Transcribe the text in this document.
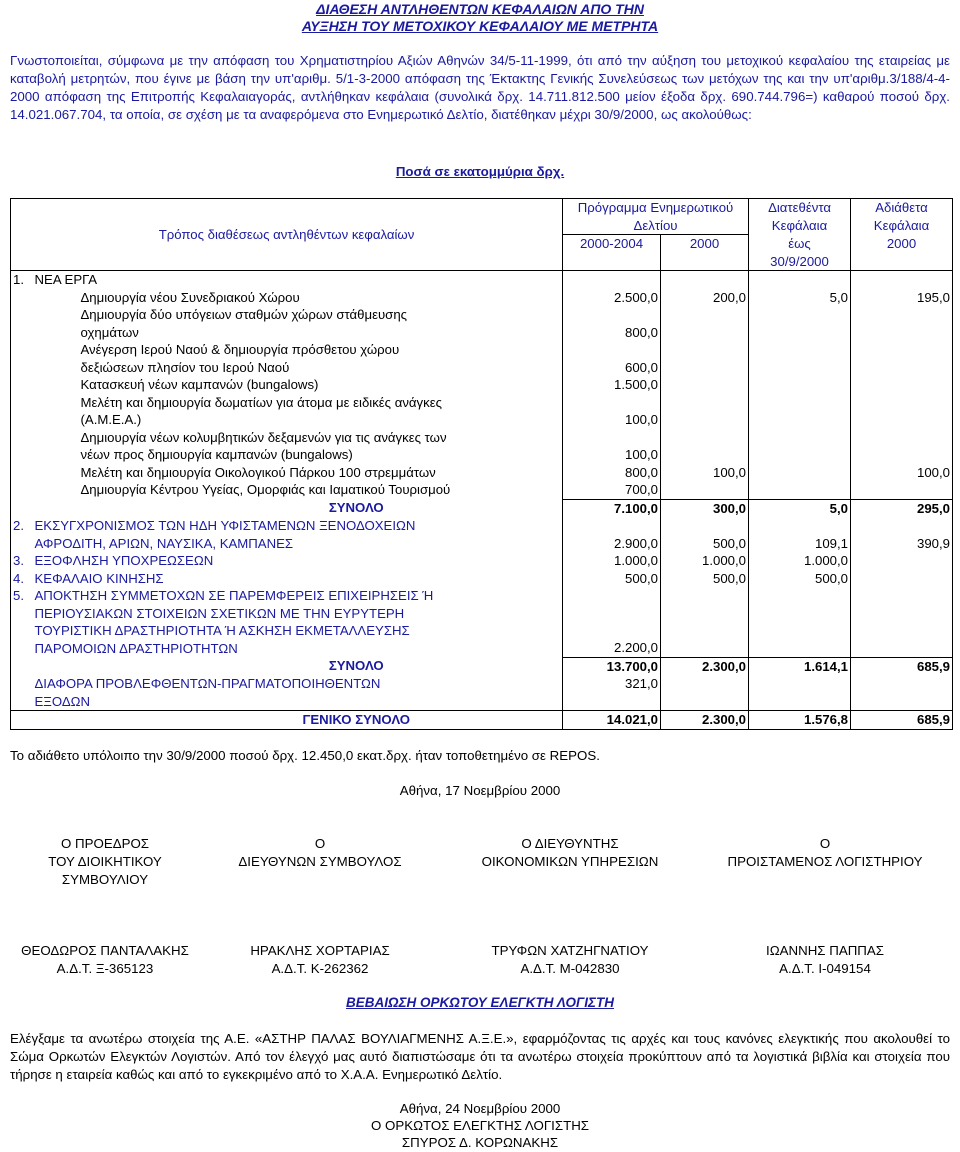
ΔΙΑΘΕΣΗ ΑΝΤΛΗΘΕΝΤΩΝ ΚΕΦΑΛΑΙΩΝ ΑΠΟ ΤΗΝ
ΑΥΞΗΣΗ ΤΟΥ ΜΕΤΟΧΙΚΟΥ ΚΕΦΑΛΑΙΟΥ ΜΕ ΜΕΤΡΗΤΑ
Γνωστοποιείται, σύμφωνα με την απόφαση του Χρηματιστηρίου Αξιών Αθηνών 34/5-11-1999, ότι από την αύξηση του μετοχικού κεφαλαίου της εταιρείας με καταβολή μετρητών, που έγινε με βάση την υπ'αριθμ. 5/1-3-2000 απόφαση της Έκτακτης Γενικής Συνελεύσεως των μετόχων της και την υπ'αριθμ.3/188/4-4-2000 απόφαση της Επιτροπής Κεφαλαιαγοράς, αντλήθηκαν κεφάλαια (συνολικά δρχ. 14.711.812.500 μείον έξοδα δρχ. 690.744.796=) καθαρού ποσού δρχ. 14.021.067.704, τα οποία, σε σχέση με τα αναφερόμενα στο Ενημερωτικό Δελτίο, διατέθηκαν μέχρι 30/9/2000, ως ακολούθως:
Ποσά σε εκατομμύρια δρχ.
Τρόπος διαθέσεως αντληθέντων κεφαλαίων		Πρόγραμμα Ενημερωτικού		Διατεθέντα	Αδιάθετα
		Δελτίου		Κεφάλαια	Κεφάλαια
		2000-2004	2000	έως	2000
				30/9/2000	
1.	ΝΕΑ ΕΡΓΑ				

	Δημιουργία νέου Συνεδριακού Χώρου	2.500,0	200,0	5,0	195,0

	Δημιουργία δύο υπόγειων σταθμών χώρων στάθμευσης
οχημάτων	800,0			

	Ανέγερση Ιερού Ναού & δημιουργία πρόσθετου χώρου
δεξιώσεων πλησίον του Ιερού Ναού	600,0			

	Κατασκευή νέων καμπανών (bungalows)	1.500,0			

	Μελέτη και δημιουργία δωματίων για άτομα με ειδικές ανάγκες
(Α.Μ.Ε.Α.)	100,0			

	Δημιουργία νέων κολυμβητικών δεξαμενών για τις ανάγκες των
νέων προς δημιουργία καμπανών (bungalows)	100,0			

	Μελέτη και δημιουργία Οικολογικού Πάρκου 100 στρεμμάτων	800,0	100,0		100,0

	Δημιουργία Κέντρου Υγείας, Ομορφιάς και Ιαματικού Τουρισμού	700,0			
	ΣΥΝΟΛΟ	7.100,0	300,0	5,0	295,0
2.	ΕΚΣΥΓΧΡΟΝΙΣΜΟΣ ΤΩΝ ΗΔΗ ΥΦΙΣΤΑΜΕΝΩΝ ΞΕΝΟΔΟΧΕΙΩΝ
ΑΦΡΟΔΙΤΗ, ΑΡΙΩΝ, ΝΑΥΣΙΚΑ, ΚΑΜΠΑΝΕΣ	2.900,0	500,0	109,1	390,9
3.	ΕΞΟΦΛΗΣΗ ΥΠΟΧΡΕΩΣΕΩΝ	1.000,0	1.000,0	1.000,0	
4.	ΚΕΦΑΛΑΙΟ ΚΙΝΗΣΗΣ	500,0	500,0	500,0	
5.	ΑΠΟΚΤΗΣΗ ΣΥΜΜΕΤΟΧΩΝ ΣΕ ΠΑΡΕΜΦΕΡΕΙΣ ΕΠΙΧΕΙΡΗΣΕΙΣ Ή
ΠΕΡΙΟΥΣΙΑΚΩΝ ΣΤΟΙΧΕΙΩΝ ΣΧΕΤΙΚΩΝ ΜΕ ΤΗΝ ΕΥΡΥΤΕΡΗ
ΤΟΥΡΙΣΤΙΚΗ ΔΡΑΣΤΗΡΙΟΤΗΤΑ Ή ΑΣΚΗΣΗ ΕΚΜΕΤΑΛΛΕΥΣΗΣ
ΠΑΡΟΜΟΙΩΝ ΔΡΑΣΤΗΡΙΟΤΗΤΩΝ	2.200,0			
	ΣΥΝΟΛΟ	13.700,0	2.300,0	1.614,1	685,9

	ΔΙΑΦΟΡΑ ΠΡΟΒΛΕΦΘΕΝΤΩΝ-ΠΡΑΓΜΑΤΟΠΟΙΗΘΕΝΤΩΝ
ΕΞΟΔΩΝ	321,0			
	ΓΕΝΙΚΟ ΣΥΝΟΛΟ	14.021,0	2.300,0	1.576,8	685,9
Το αδιάθετο υπόλοιπο την 30/9/2000 ποσού δρχ. 12.450,0 εκατ.δρχ. ήταν τοποθετημένο σε REPOS.
Αθήνα, 17 Νοεμβρίου 2000
Ο ΠΡΟΕΔΡΟΣ
ΤΟΥ ΔΙΟΙΚΗΤΙΚΟΥ
ΣΥΜΒΟΥΛΙΟΥ
Ο
ΔΙΕΥΘΥΝΩΝ ΣΥΜΒΟΥΛΟΣ
Ο ΔΙΕΥΘΥΝΤΗΣ
ΟΙΚΟΝΟΜΙΚΩΝ ΥΠΗΡΕΣΙΩΝ
Ο
ΠΡΟΙΣΤΑΜΕΝΟΣ ΛΟΓΙΣΤΗΡΙΟΥ
ΘΕΟΔΩΡΟΣ ΠΑΝΤΑΛΑΚΗΣ
Α.Δ.Τ. Ξ-365123
ΗΡΑΚΛΗΣ ΧΟΡΤΑΡΙΑΣ
Α.Δ.Τ. Κ-262362
ΤΡΥΦΩΝ ΧΑΤΖΗΓΝΑΤΙΟΥ
Α.Δ.Τ. Μ-042830
ΙΩΑΝΝΗΣ ΠΑΠΠΑΣ
Α.Δ.Τ. Ι-049154
ΒΕΒΑΙΩΣΗ ΟΡΚΩΤΟΥ ΕΛΕΓΚΤΗ ΛΟΓΙΣΤΗ
Ελέγξαμε τα ανωτέρω στοιχεία της Α.Ε. «ΑΣΤΗΡ ΠΑΛΑΣ ΒΟΥΛΙΑΓΜΕΝΗΣ Α.Ξ.Ε.», εφαρμόζοντας τις αρχές και τους κανόνες ελεγκτικής που ακολουθεί το Σώμα Ορκωτών Ελεγκτών Λογιστών. Από τον έλεγχό μας αυτό διαπιστώσαμε ότι τα ανωτέρω στοιχεία προκύπτουν από τα λογιστικά βιβλία και στοιχεία που τήρησε η εταιρεία καθώς και από το εγκεκριμένο από το Χ.Α.Α. Ενημερωτικό Δελτίο.
Αθήνα, 24 Νοεμβρίου 2000
Ο ΟΡΚΩΤΟΣ ΕΛΕΓΚΤΗΣ ΛΟΓΙΣΤΗΣ
ΣΠΥΡΟΣ Δ. ΚΟΡΩΝΑΚΗΣ
